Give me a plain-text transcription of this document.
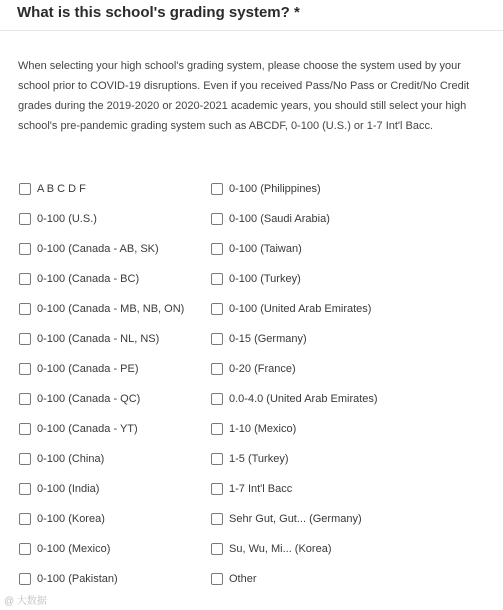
What is this school's grading system? *
When selecting your high school's grading system, please choose the system used by your school prior to COVID-19 disruptions. Even if you received Pass/No Pass or Credit/No Credit grades during the 2019-2020 or 2020-2021 academic years, you should still select your high school's pre-pandemic grading system such as ABCDF, 0-100 (U.S.) or 1-7 Int'l Bacc.
A B C D F
0-100 (U.S.)
0-100 (Canada - AB, SK)
0-100 (Canada - BC)
0-100 (Canada - MB, NB, ON)
0-100 (Canada - NL, NS)
0-100 (Canada - PE)
0-100 (Canada - QC)
0-100 (Canada - YT)
0-100 (China)
0-100 (India)
0-100 (Korea)
0-100 (Mexico)
0-100 (Pakistan)
0-100 (Philippines)
0-100 (Saudi Arabia)
0-100 (Taiwan)
0-100 (Turkey)
0-100 (United Arab Emirates)
0-15 (Germany)
0-20 (France)
0.0-4.0 (United Arab Emirates)
1-10 (Mexico)
1-5 (Turkey)
1-7 Int'l Bacc
Sehr Gut, Gut... (Germany)
Su, Wu, Mi... (Korea)
Other
@ 大数据
